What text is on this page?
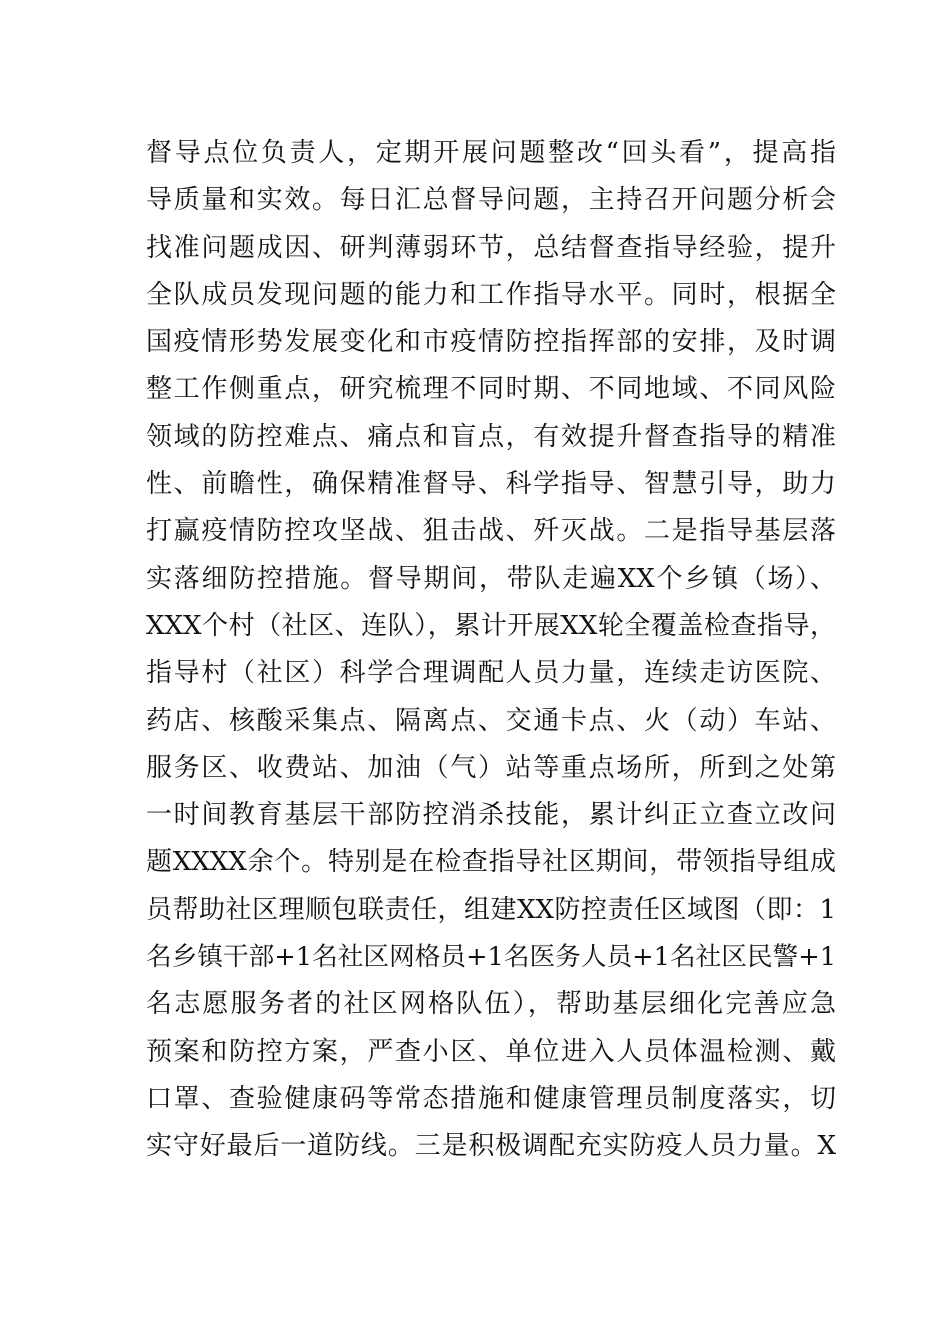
督导点位负责人，定期开展问题整改“回头看”，提高指
导质量和实效。每日汇总督导问题，主持召开问题分析会
找准问题成因、研判薄弱环节，总结督查指导经验，提升
全队成员发现问题的能力和工作指导水平。同时，根据全
国疫情形势发展变化和市疫情防控指挥部的安排，及时调
整工作侧重点，研究梳理不同时期、不同地域、不同风险
领域的防控难点、痛点和盲点，有效提升督查指导的精准
性、前瞻性，确保精准督导、科学指导、智慧引导，助力
打赢疫情防控攻坚战、狙击战、歼灭战。二是指导基层落
实落细防控措施。督导期间，带队走遍XX个乡镇（场）、
XXX个村（社区、连队），累计开展XX轮全覆盖检查指导，
指导村（社区）科学合理调配人员力量，连续走访医院、
药店、核酸采集点、隔离点、交通卡点、火（动）车站、
服务区、收费站、加油（气）站等重点场所，所到之处第
一时间教育基层干部防控消杀技能，累计纠正立查立改问
题XXXX余个。特别是在检查指导社区期间，带领指导组成
员帮助社区理顺包联责任，组建XX防控责任区域图（即：1
名乡镇干部+1名社区网格员+1名医务人员+1名社区民警+1
名志愿服务者的社区网格队伍），帮助基层细化完善应急
预案和防控方案，严查小区、单位进入人员体温检测、戴
口罩、查验健康码等常态措施和健康管理员制度落实，切
实守好最后一道防线。三是积极调配充实防疫人员力量。X
